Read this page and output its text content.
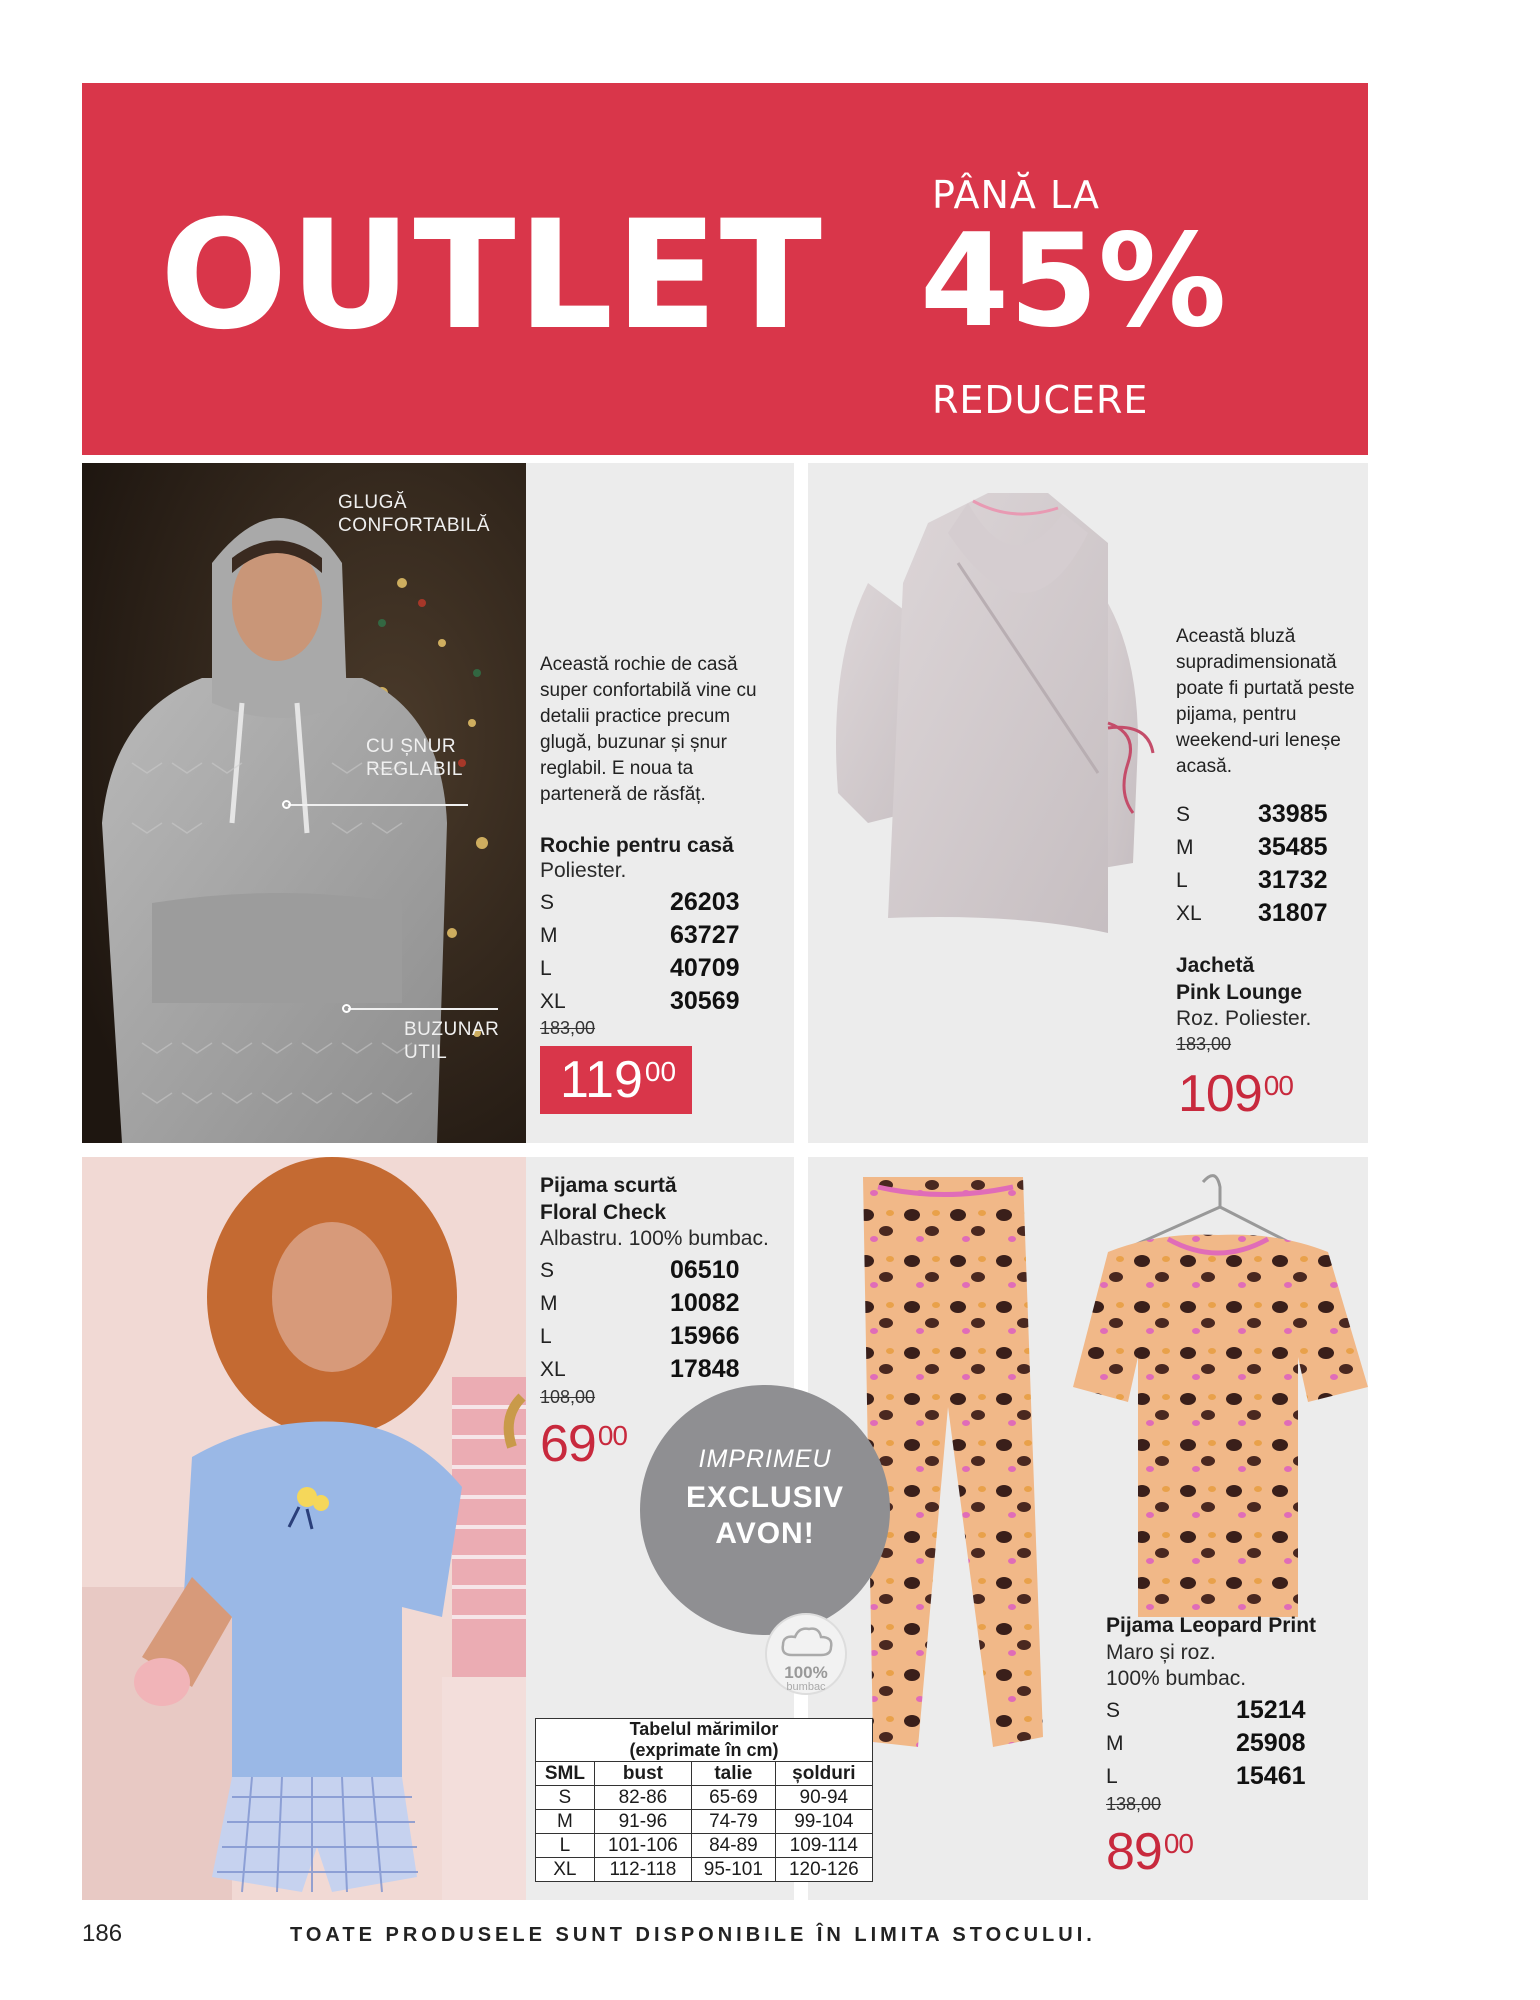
OUTLET	PÂNĂ LA
45%
REDUCERE
GLUGĂ CONFORTABILĂ
CU ȘNUR REGLABIL
BUZUNAR UTIL
Această rochie de casă super confortabilă vine cu detalii practice precum glugă, buzunar și șnur reglabil. E noua ta parteneră de răsfăț.
Rochie pentru casă
Poliester.
S	26203
M	63727
L	40709
XL	30569
183,00
$119^{00}$
Această bluză supradimensionată poate fi purtată peste pijama, pentru weekend-uri leneșe acasă.
S	33985
M	35485
L	31732
XL	31807
Jachetă
Pink Lounge
Roz. Poliester.
183,00
$109^{00}$
Pijama scurtă
Floral Check
Albastru. 100% bumbac.
S	06510
M	10082
L	15966
XL	17848
108,00
$69^{00}$
Pijama Leopard Print
Maro și roz.
100% bumbac.
S	15214
M	25908
L	15461
138,00
$89^{00}$
IMPRIMEU
EXCLUSIV
AVON!
100%
bumbac
Tabelul mărimilor
(exprimate în cm)			

SML	bust	talie	șolduri
S	82-86	65-69	90-94
M	91-96	74-79	99-104
L	101-106	84-89	109-114
XL	112-118	95-101	120-126
186	TOATE PRODUSELE SUNT DISPONIBILE ÎN LIMITA STOCULUI.
